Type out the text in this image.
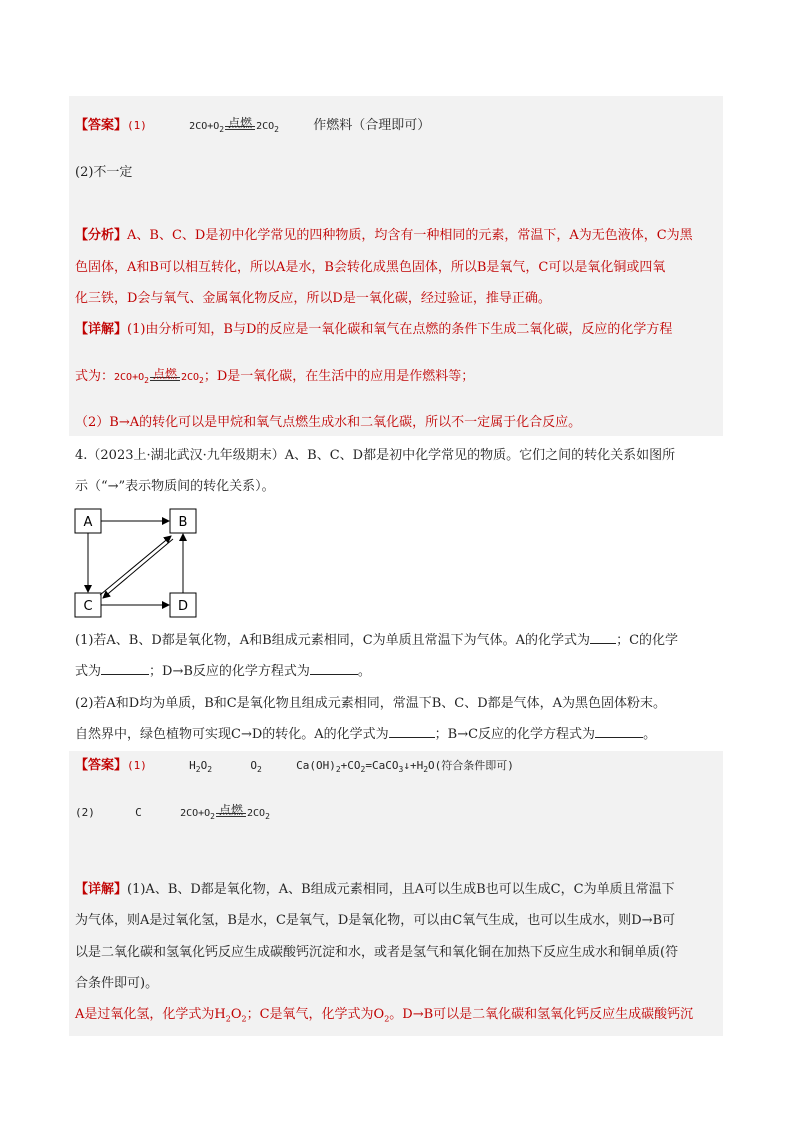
【答案】(1)	$2CO+O_2$ 点燃 $2CO_2$	作燃料（合理即可）
(2)不一定
【分析】A、B、C、D是初中化学常见的四种物质，均含有一种相同的元素，常温下，A为无色液体，C为黑
色固体，A和B可以相互转化，所以A是水，B会转化成黑色固体，所以B是氧气，C可以是氧化铜或四氧
化三铁，D会与氧气、金属氧化物反应，所以D是一氧化碳，经过验证，推导正确。
【详解】(1)由分析可知，B与D的反应是一氧化碳和氧气在点燃的条件下生成二氧化碳，反应的化学方程
式为：$2CO+O_2$ 点燃 $2CO_2$；D是一氧化碳，在生活中的应用是作燃料等；
（2）B→A的转化可以是甲烷和氧气点燃生成水和二氧化碳，所以不一定属于化合反应。
4.（2023上·湖北武汉·九年级期末）A、B、C、D都是初中化学常见的物质。它们之间的转化关系如图所
示（“→”表示物质间的转化关系）。
A	B
C	D
(1)若A、B、D都是氧化物，A和B组成元素相同，C为单质且常温下为气体。A的化学式为 ；C的化学
式为	；D→B反应的化学方程式为	。
(2)若A和D均为单质，B和C是氧化物且组成元素相同，常温下B、C、D都是气体，A为黑色固体粉末。
自然界中，绿色植物可实现C→D的转化。A的化学式为	；B→C反应的化学方程式为	。
【答案】(1)	$H_2O_2$	$O_2$	$Ca(OH)_2+CO_2=CaCO_3↓+H_2O$(符合条件即可)
(2)	C	$2CO+O_2$ 点燃 $2CO_2$
【详解】(1)A、B、D都是氧化物，A、B组成元素相同，且A可以生成B也可以生成C，C为单质且常温下
为气体，则A是过氧化氢，B是水，C是氧气，D是氧化物，可以由C氧气生成，也可以生成水，则D→B可
以是二氧化碳和氢氧化钙反应生成碳酸钙沉淀和水，或者是氢气和氧化铜在加热下反应生成水和铜单质(符
合条件即可)。
A是过氧化氢，化学式为$H_2O_2$；C是氧气，化学式为$O_2$。D→B可以是二氧化碳和氢氧化钙反应生成碳酸钙沉
